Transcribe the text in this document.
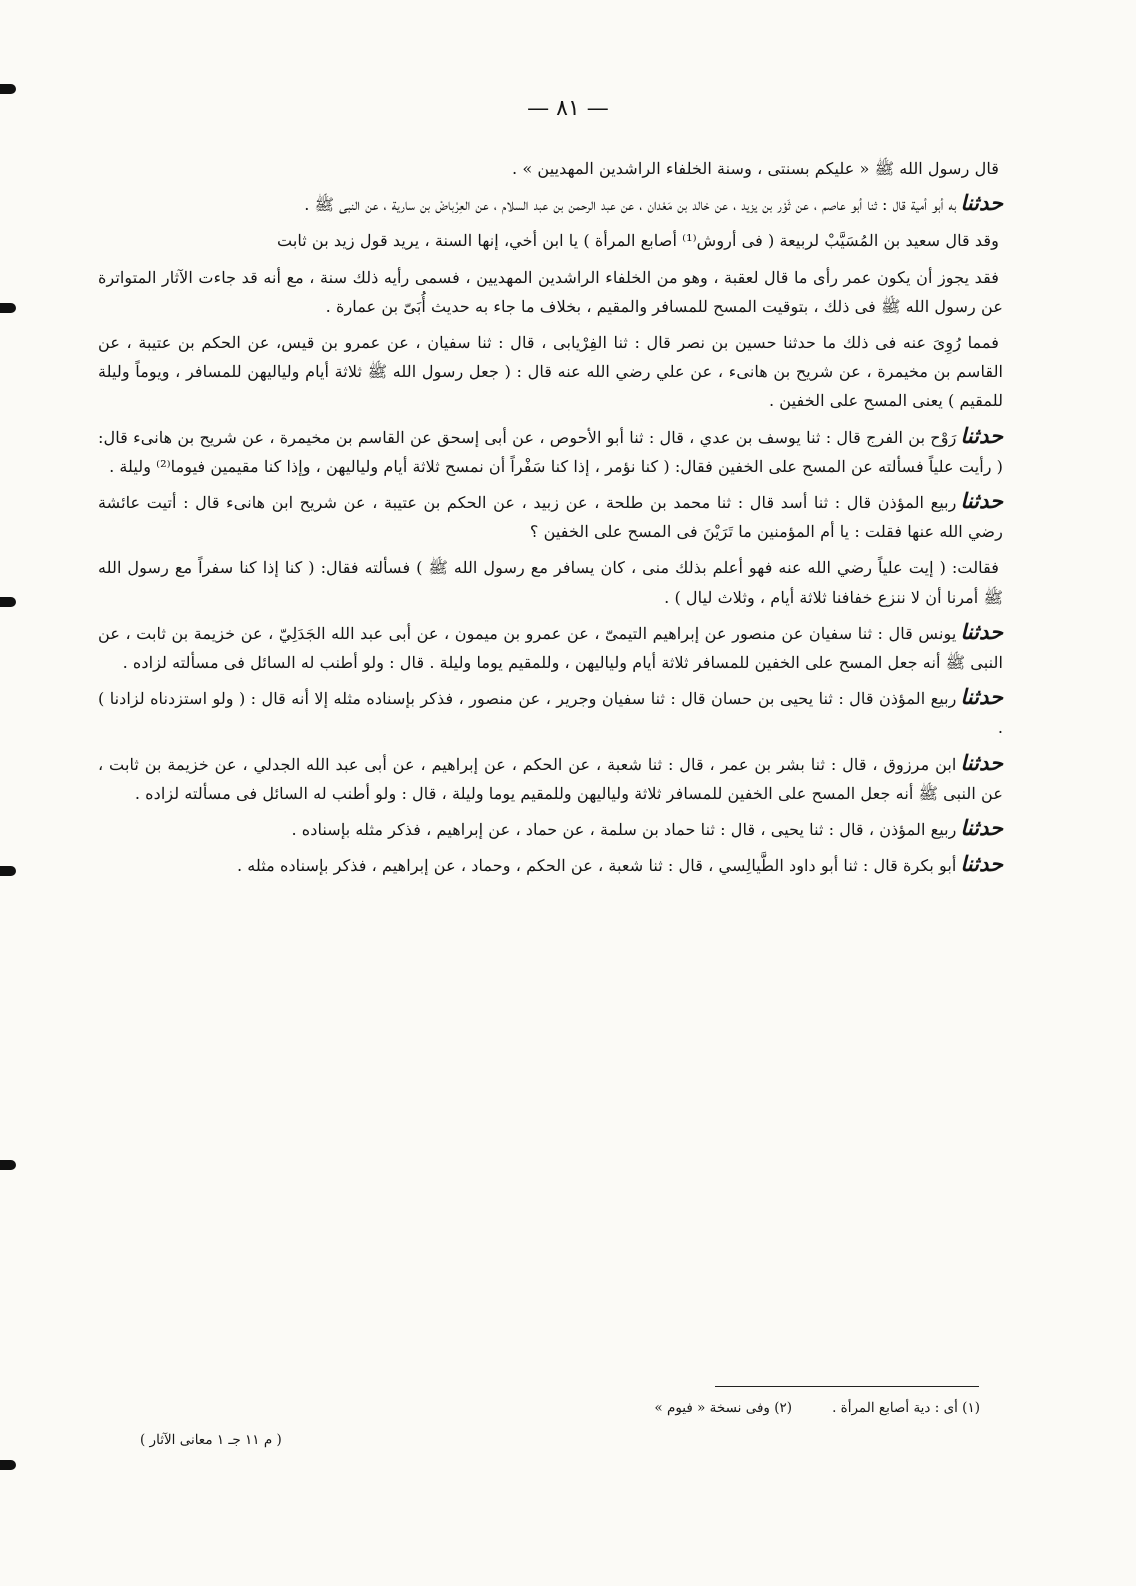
— ٨١ —

قال رسول الله ﷺ « عليكم بسنتى ، وسنة الخلفاء الراشدين المهديين » .

حدثنابه أبو أمية قال : ثنا أبو عاصم ، عن ثَوْر بن يزيد ، عن خالد بن مَعْدان ، عن عبد الرحمن بن عبد السلام ، عن العِرْباضْ بن سارية ، عن النبى ﷺ .

وقد قال سعيد بن المُسَيَّبْ لربيعة ( فى أروش⁽¹⁾ أصابع المرأة ) يا ابن أخي، إنها السنة ، يريد قول زيد بن ثابت

فقد يجوز أن يكون عمر رأى ما قال لعقبة ، وهو من الخلفاء الراشدين المهديين ، فسمى رأيه ذلك سنة ، مع أنه قد جاءت الآثار المتواترة عن رسول الله ﷺ فى ذلك ، بتوقيت المسح للمسافر والمقيم ، بخلاف ما جاء به حديث أُبَىّ بن عمارة .

فمما رُوِىَ عنه فى ذلك ما حدثنا حسين بن نصر قال : ثنا الفِرْيابى ، قال : ثنا سفيان ، عن عمرو بن قيس، عن الحكم بن عتيبة ، عن القاسم بن مخيمرة ، عن شريح بن هانىء ، عن علي رضي الله عنه قال : ( جعل رسول الله ﷺ ثلاثة أيام ولياليهن للمسافر ، ويوماً وليلة للمقيم ) يعنى المسح على الخفين .

حدثنارَوْح بن الفرج قال : ثنا يوسف بن عدي ، قال : ثنا أبو الأحوص ، عن أبى إسحق عن القاسم بن مخيمرة ، عن شريح بن هانىء قال: ( رأيت علياً فسألته عن المسح على الخفين فقال: ( كنا نؤمر ، إذا كنا سَفْراً أن نمسح ثلاثة أيام ولياليهن ، وإذا كنا مقيمين فيوما⁽²⁾ وليلة .

حدثناربيع المؤذن قال : ثنا أسد قال : ثنا محمد بن طلحة ، عن زبيد ، عن الحكم بن عتيبة ، عن شريح ابن هانىء قال : أتيت عائشة رضي الله عنها فقلت : يا أم المؤمنين ما تَرَيْنَ فى المسح على الخفين ؟

فقالت: ( إيت علياً رضي الله عنه فهو أعلم بذلك منى ، كان يسافر مع رسول الله ﷺ ) فسألته فقال: ( كنا إذا كنا سفراً مع رسول الله ﷺ أمرنا أن لا ننزع خفافنا ثلاثة أيام ، وثلاث ليال ) .

حدثنايونس قال : ثنا سفيان عن منصور عن إبراهيم التيمىّ ، عن عمرو بن ميمون ، عن أبى عبد الله الجَدَلِيّ ، عن خزيمة بن ثابت ، عن النبى ﷺ أنه جعل المسح على الخفين للمسافر ثلاثة أيام ولياليهن ، وللمقيم يوما وليلة . قال : ولو أطنب له السائل فى مسألته لزاده .

حدثناربيع المؤذن قال : ثنا يحيى بن حسان قال : ثنا سفيان وجرير ، عن منصور ، فذكر بإسناده مثله إلا أنه قال : ( ولو استزدناه لزادنا ) .

حدثناابن مرزوق ، قال : ثنا بشر بن عمر ، قال : ثنا شعبة ، عن الحكم ، عن إبراهيم ، عن أبى عبد الله الجدلي ، عن خزيمة بن ثابت ، عن النبى ﷺ أنه جعل المسح على الخفين للمسافر ثلاثة ولياليهن وللمقيم يوما وليلة ، قال : ولو أطنب له السائل فى مسألته لزاده .

حدثناربيع المؤذن ، قال : ثنا يحيى ، قال : ثنا حماد بن سلمة ، عن حماد ، عن إبراهيم ، فذكر مثله بإسناده .

حدثناأبو بكرة قال : ثنا أبو داود الطَّيالِسي ، قال : ثنا شعبة ، عن الحكم ، وحماد ، عن إبراهيم ، فذكر بإسناده مثله .

(١) أى : دية أصابع المرأة .
(٢) وفى نسخة « فيوم »
( م ١١ جـ ١ معانى الآثار )
